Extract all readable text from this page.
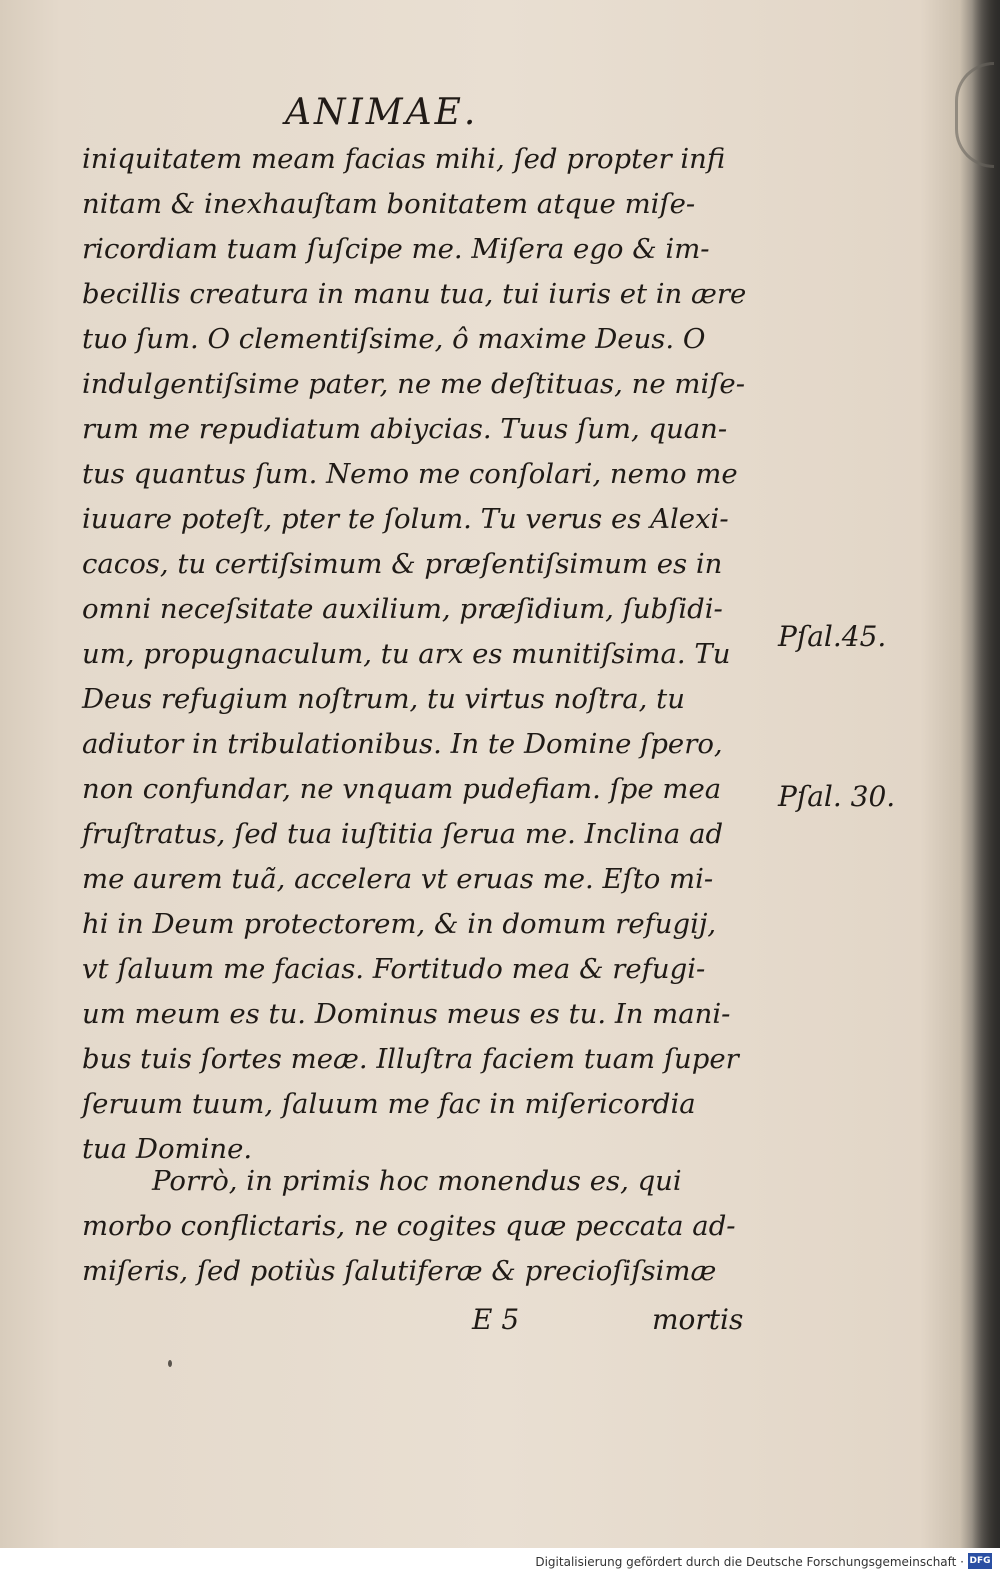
ANIMAE.
iniquitatem meam facias mihi, ſed propter infi
nitam & inexhauſtam bonitatem atque miſe-
ricordiam tuam ſuſcipe me. Miſera ego & im-
becillis creatura in manu tua, tui iuris et in ære
tuo ſum. O clementiſsime, ô maxime Deus. O
indulgentiſsime pater, ne me deſtituas, ne miſe-
rum me repudiatum abiycias. Tuus ſum, quan-
tus quantus ſum. Nemo me conſolari, nemo me
iuuare poteſt, pter te ſolum. Tu verus es Alexi-
cacos, tu certiſsimum & præſentiſsimum es in
omni neceſsitate auxilium, præſidium, ſubſidi-
um, propugnaculum, tu arx es munitiſsima. Tu
Deus refugium noſtrum, tu virtus noſtra, tu
adiutor in tribulationibus. In te Domine ſpero,
non confundar, ne vnquam pudefiam. ſpe mea
fruſtratus, ſed tua iuſtitia ſerua me. Inclina ad
me aurem tuã, accelera vt eruas me. Eſto mi-
hi in Deum protectorem, & in domum refugij,
vt ſaluum me facias. Fortitudo mea & refugi-
um meum es tu. Dominus meus es tu. In mani-
bus tuis ſortes meæ. Illuſtra faciem tuam ſuper
ſeruum tuum, ſaluum me fac in miſericordia
tua Domine.
Porrò, in primis hoc monendus es, qui
morbo conflictaris, ne cogites quæ peccata ad-
miſeris, ſed potiùs ſalutiferæ & precioſiſsimæ
Pſal.45.
Pſal. 30.
E 5	mortis
Digitalisierung gefördert durch die Deutsche Forschungsgemeinschaft · DFG
